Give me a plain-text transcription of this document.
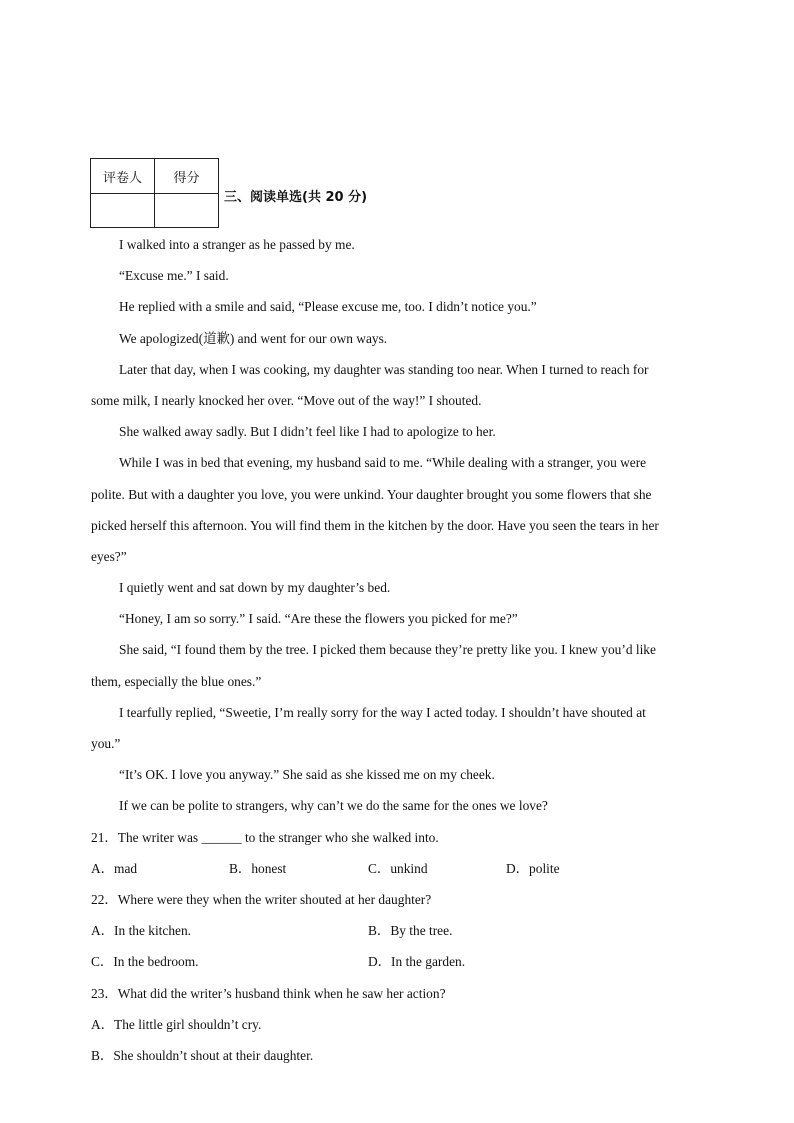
评卷人	得分

三、阅读单选(共 20 分)
I walked into a stranger as he passed by me.
“Excuse me.” I said.
He replied with a smile and said, “Please excuse me, too. I didn’t notice you.”
We apologized(道歉) and went for our own ways.
Later that day, when I was cooking, my daughter was standing too near. When I turned to reach for
some milk, I nearly knocked her over. “Move out of the way!” I shouted.
She walked away sadly. But I didn’t feel like I had to apologize to her.
While I was in bed that evening, my husband said to me. “While dealing with a stranger, you were
polite. But with a daughter you love, you were unkind. Your daughter brought you some flowers that she
picked herself this afternoon. You will find them in the kitchen by the door. Have you seen the tears in her
eyes?”
I quietly went and sat down by my daughter’s bed.
“Honey, I am so sorry.” I said. “Are these the flowers you picked for me?”
She said, “I found them by the tree. I picked them because they’re pretty like you. I knew you’d like
them, especially the blue ones.”
I tearfully replied, “Sweetie, I’m really sorry for the way I acted today. I shouldn’t have shouted at
you.”
“It’s OK. I love you anyway.” She said as she kissed me on my cheek.
If we can be polite to strangers, why can’t we do the same for the ones we love?
21．The writer was ______ to the stranger who she walked into.
A．mad	B．honest	C．unkind	D．polite
22．Where were they when the writer shouted at her daughter?
A．In the kitchen.	B．By the tree.
C．In the bedroom.	D．In the garden.
23．What did the writer’s husband think when he saw her action?
A．The little girl shouldn’t cry.
B．She shouldn’t shout at their daughter.
